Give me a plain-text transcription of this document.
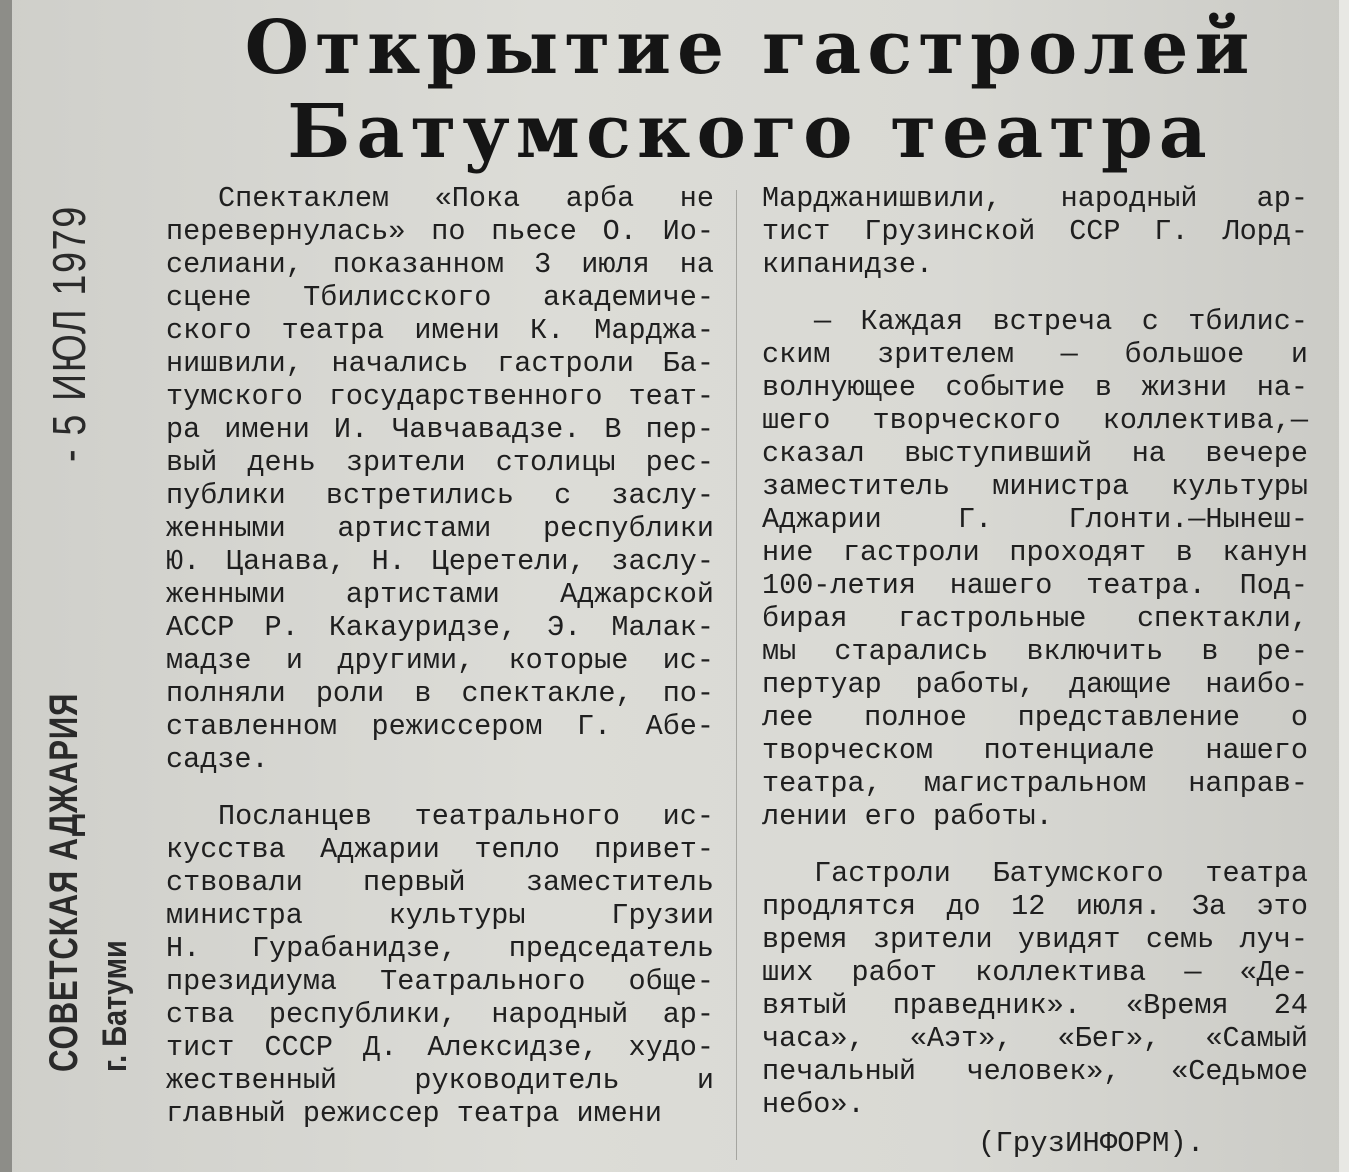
СОВЕТСКАЯ АДЖАРИЯ
- 5 ИЮЛ 1979
г. Батуми
Открытие гастролей
Батумского театра

Спектаклем «Пока арба не
перевернулась» по пьесе О. Ио-
селиани, показанном 3 июля на
сцене Тбилисского академиче-
ского театра имени К. Марджа-
нишвили, начались гастроли Ба-
тумского государственного теат-
ра имени И. Чавчавадзе. В пер-
вый день зрители столицы рес-
публики встретились с заслу-
женными артистами республики
Ю. Цанава, Н. Церетели, заслу-
женными артистами Аджарской
АССР Р. Какауридзе, Э. Малак-
мадзе и другими, которые ис-
полняли роли в спектакле, по-
ставленном режиссером Г. Абе-
садзе.

Посланцев театрального ис-
кусства Аджарии тепло привет-
ствовали первый заместитель
министра культуры Грузии
Н. Гурабанидзе, председатель
президиума Театрального обще-
ства республики, народный ар-
тист СССР Д. Алексидзе, худо-
жественный руководитель и
главный режиссер театра имени

Марджанишвили, народный ар-
тист Грузинской ССР Г. Лорд-
кипанидзе.

— Каждая встреча с тбилис-
ским зрителем — большое и
волнующее событие в жизни на-
шего творческого коллектива,—
сказал выступивший на вечере
заместитель министра культуры
Аджарии Г. Глонти.—Нынеш-
ние гастроли проходят в канун
100-летия нашего театра. Под-
бирая гастрольные спектакли,
мы старались включить в ре-
пертуар работы, дающие наибо-
лее полное представление о
творческом потенциале нашего
театра, магистральном направ-
лении его работы.

Гастроли Батумского театра
продлятся до 12 июля. За это
время зрители увидят семь луч-
ших работ коллектива — «Де-
вятый праведник». «Время 24
часа», «Аэт», «Бег», «Самый
печальный человек», «Седьмое
небо».

(ГрузИНФОРМ).
